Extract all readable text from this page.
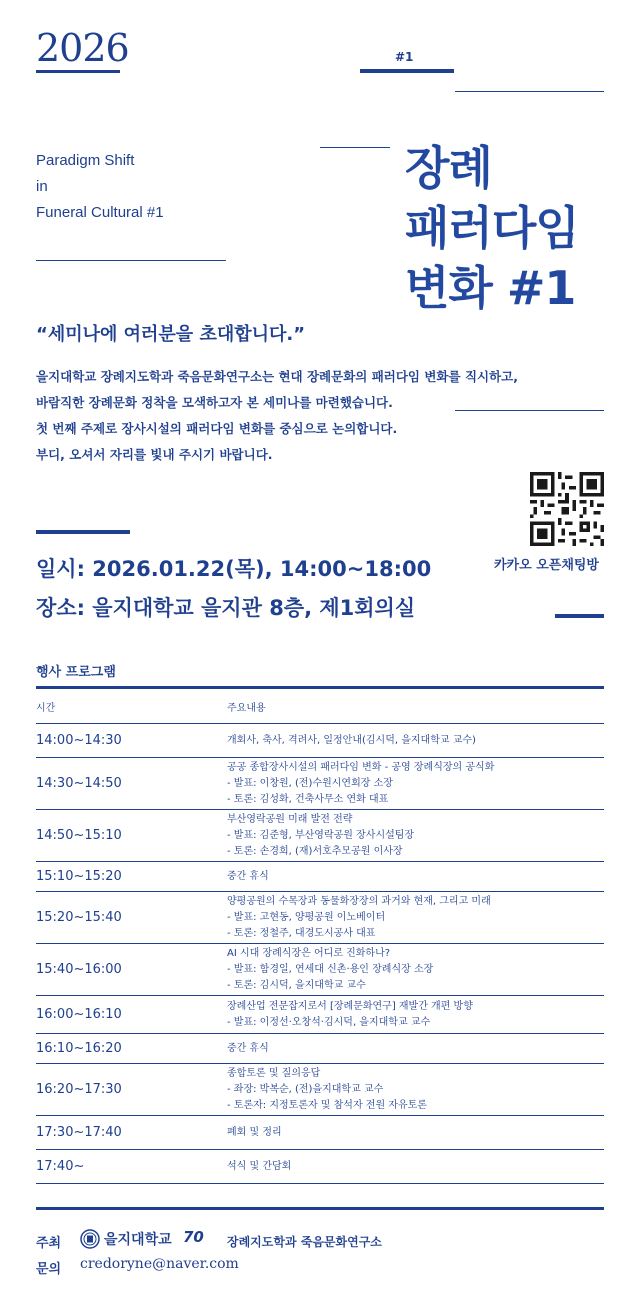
2026	#1
Paradigm Shift
in
Funeral Cultural #1
장례
패러다임
변화 #1
“세미나에 여러분을 초대합니다.”
을지대학교 장례지도학과 죽음문화연구소는 현대 장례문화의 패러다임 변화를 직시하고,
바람직한 장례문화 정착을 모색하고자 본 세미나를 마련했습니다.
첫 번째 주제로 장사시설의 패러다임 변화를 중심으로 논의합니다.
부디, 오셔서 자리를 빛내 주시기 바랍니다.
카카오 오픈채팅방
일시: 2026.01.22(목), 14:00~18:00
장소: 을지대학교 을지관 8층, 제1회의실
행사 프로그램
시간	주요내용
14:00~14:30	개회사, 축사, 격려사, 일정안내(김시덕, 을지대학교 교수)

14:30~14:50	공공 종합장사시설의 패러다임 변화 - 공영 장례식장의 공식화
- 발표: 이창원, (전)수원시연회장 소장
- 토론: 김성화, 건축사무소 연화 대표

14:50~15:10	부산영락공원 미래 발전 전략
- 발표: 김준형, 부산영락공원 장사시설팀장
- 토론: 손경희, (재)서호추모공원 이사장

15:10~15:20	중간 휴식

15:20~15:40	양평공원의 수목장과 동물화장장의 과거와 현재, 그리고 미래
- 발표: 고현동, 양평공원 이노베이터
- 토론: 정철주, 대경도시공사 대표

15:40~16:00	AI 시대 장례식장은 어디로 진화하나?
- 발표: 함경일, 연세대 신촌·용인 장례식장 소장
- 토론: 김시덕, 을지대학교 교수

16:00~16:10	장례산업 전문잡지로서 [장례문화연구] 재발간 개편 방향
- 발표: 이정선·오창석·김시덕, 을지대학교 교수

16:10~16:20	중간 휴식

16:20~17:30	종합토론 및 질의응답
- 좌장: 박복순, (전)을지대학교 교수
- 토론자: 지정토론자 및 참석자 전원 자유토론

17:30~17:40	폐회 및 정리

17:40~	석식 및 간담회
주최	을지대학교 70 장례지도학과 죽음문화연구소
문의 credoryne@naver.com
